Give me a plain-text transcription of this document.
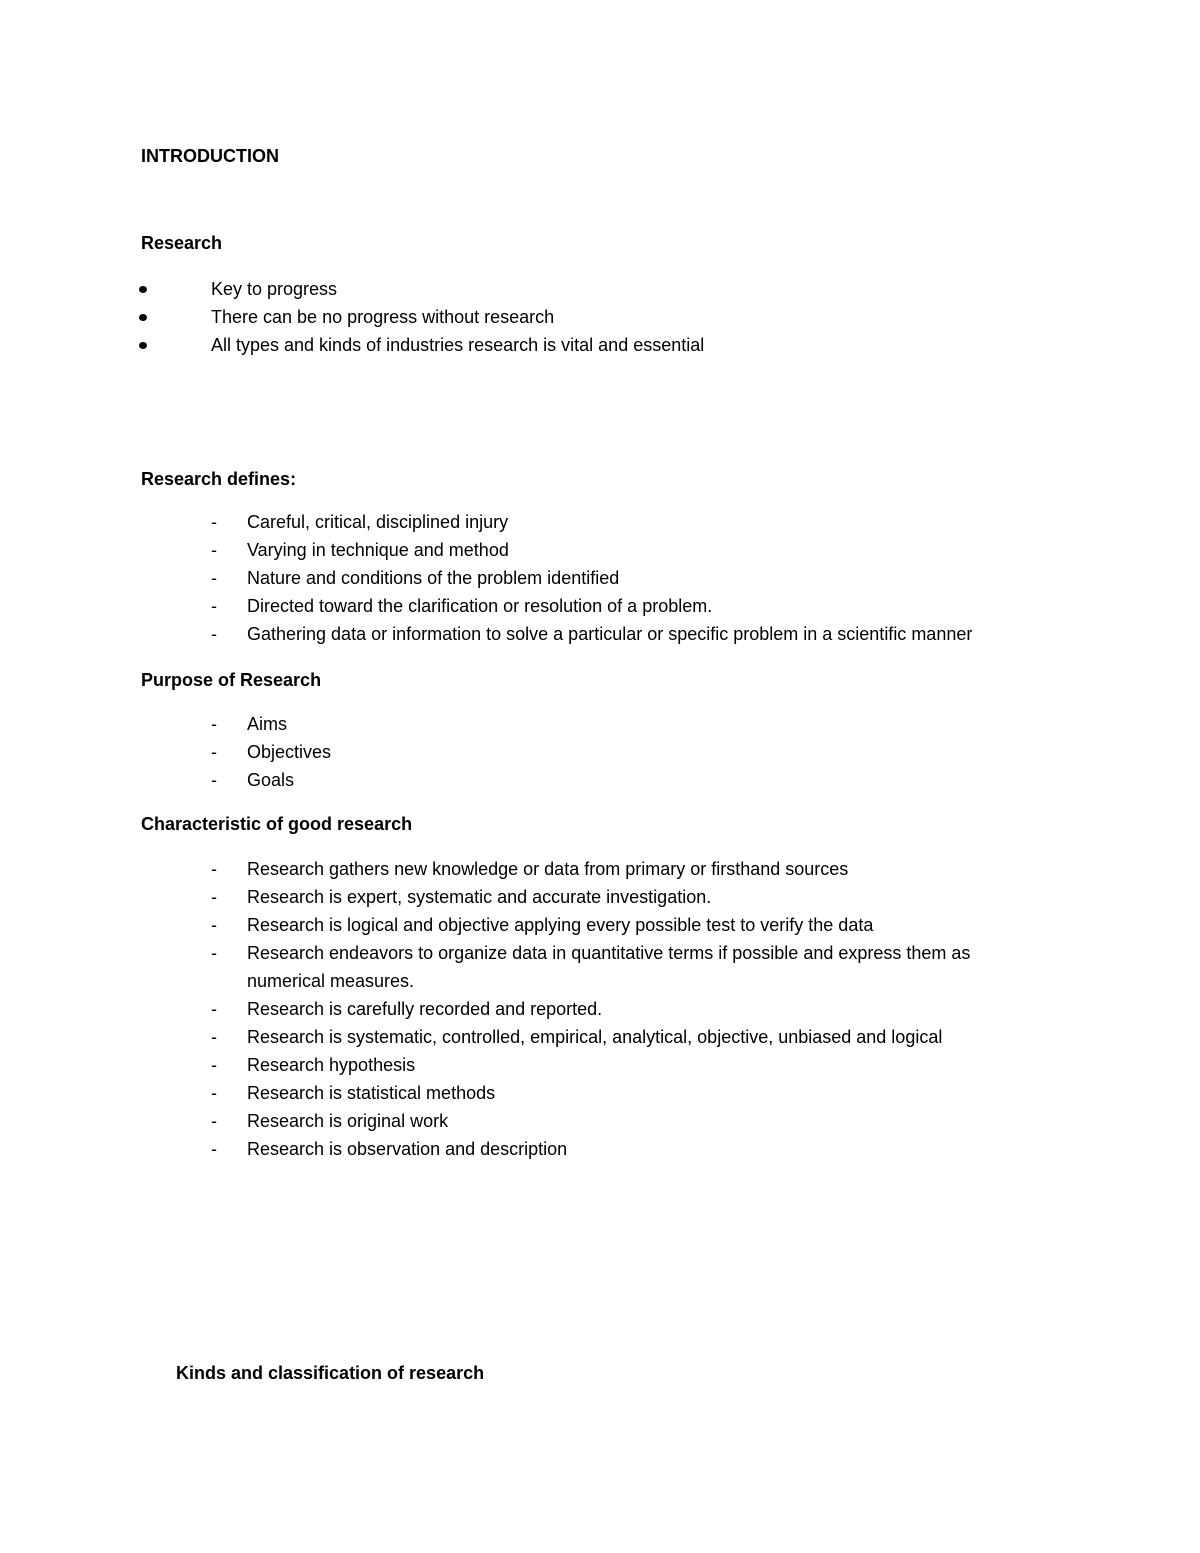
INTRODUCTION
Research
Key to progress
There can be no progress without research
All types and kinds of industries research is vital and essential
Research defines:
- Careful, critical, disciplined injury
- Varying in technique and method
- Nature and conditions of the problem identified
- Directed toward the clarification or resolution of a problem.
- Gathering data or information to solve a particular or specific problem in a scientific manner
Purpose of Research
- Aims
- Objectives
- Goals
Characteristic of good research
- Research gathers new knowledge or data from primary or firsthand sources
- Research is expert, systematic and accurate investigation.
- Research is logical and objective applying every possible test to verify the data
- Research endeavors to organize data in quantitative terms if possible and express them as numerical measures.
- Research is carefully recorded and reported.
- Research is systematic, controlled, empirical, analytical, objective, unbiased and logical
- Research hypothesis
- Research is statistical methods
- Research is original work
- Research is observation and description
Kinds and classification of research
